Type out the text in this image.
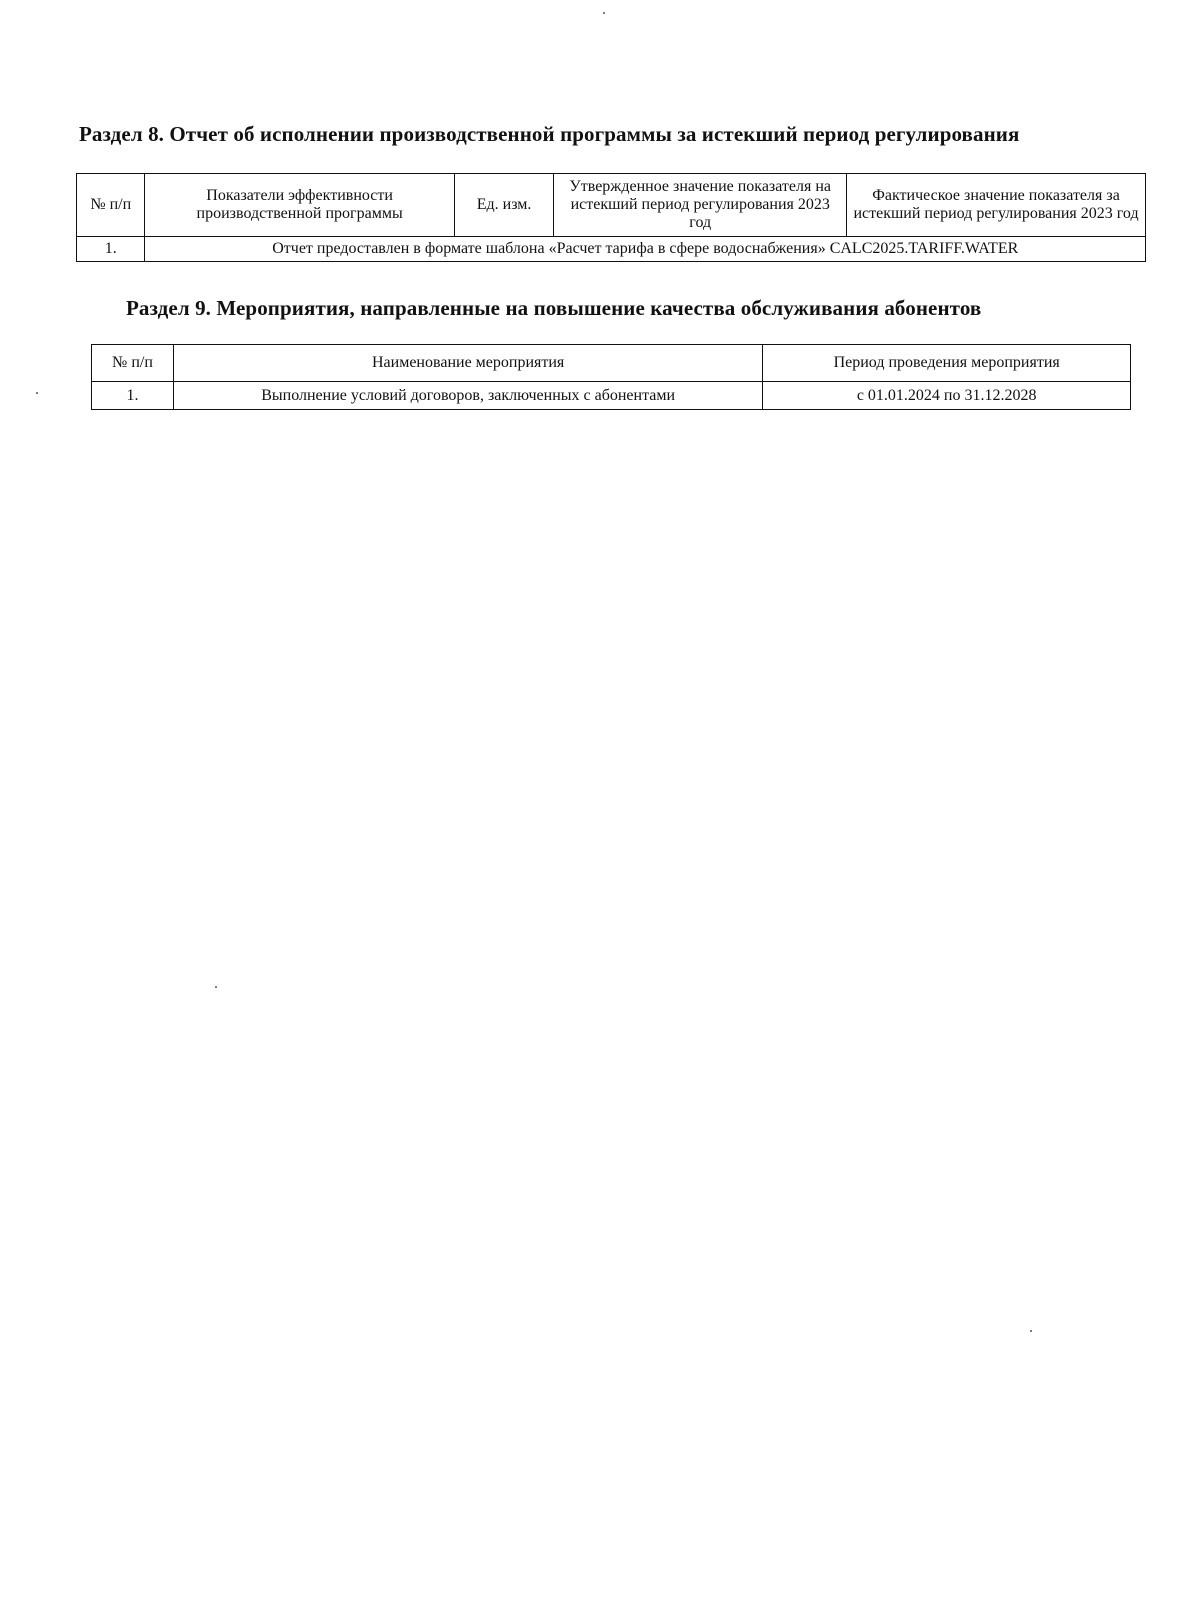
Раздел 8. Отчет об исполнении производственной программы за истекший период регулирования
№ п/п	Показатели эффективности производственной программы	Ед. изм.	Утвержденное значение показателя на истекший период регулирования 2023 год	Фактическое значение показателя за истекший период регулирования 2023 год
1.	Отчет предоставлен в формате шаблона «Расчет тарифа в сфере водоснабжения» CALC2025.TARIFF.WATER			
Раздел 9. Мероприятия, направленные на повышение качества обслуживания абонентов
№ п/п	Наименование мероприятия	Период проведения мероприятия
1.	Выполнение условий договоров, заключенных с абонентами	с 01.01.2024 по 31.12.2028
